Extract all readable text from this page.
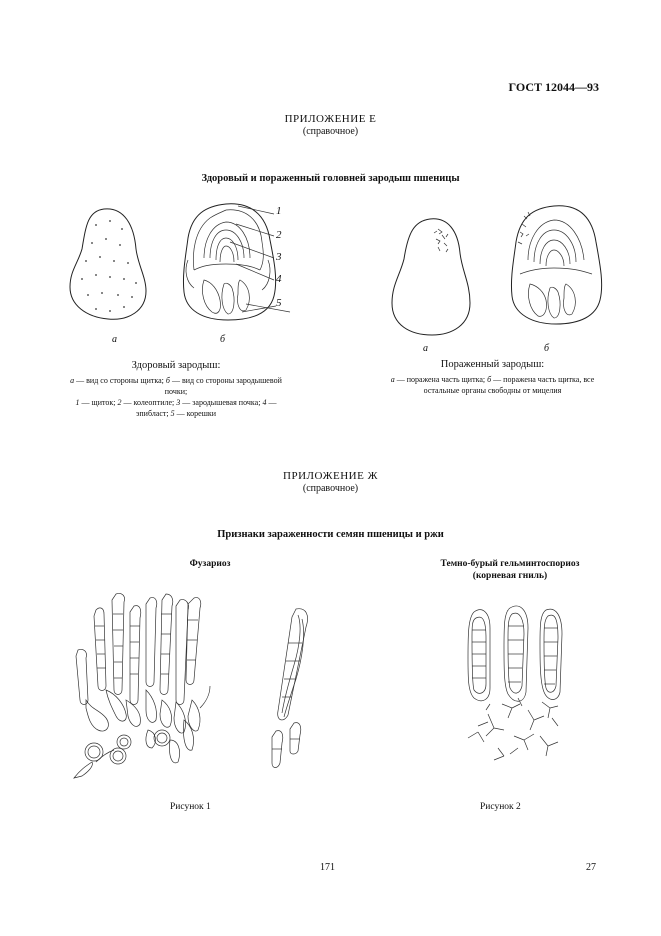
ГОСТ 12044—93
ПРИЛОЖЕНИЕ Е
(справочное)
Здоровый и пораженный головней зародыш пшеницы
1
2
3
4
5
а	б
Здоровый зародыш:
а — вид со стороны щитка; б — вид со стороны зародышевой почки;
1 — щиток; 2 — колеоптиле; 3 — зародышевая почка; 4 — эпибласт; 5 — корешки
а	б
Пораженный зародыш:
а — поражена часть щитка; б — поражена часть щитка, все остальные органы свободны от мицелия
ПРИЛОЖЕНИЕ Ж
(справочное)
Признаки зараженности семян пшеницы и ржи
Фузариоз	Темно-бурый гельминтоспориоз
(корневая гниль)
Рисунок 1	Рисунок 2
171	27
